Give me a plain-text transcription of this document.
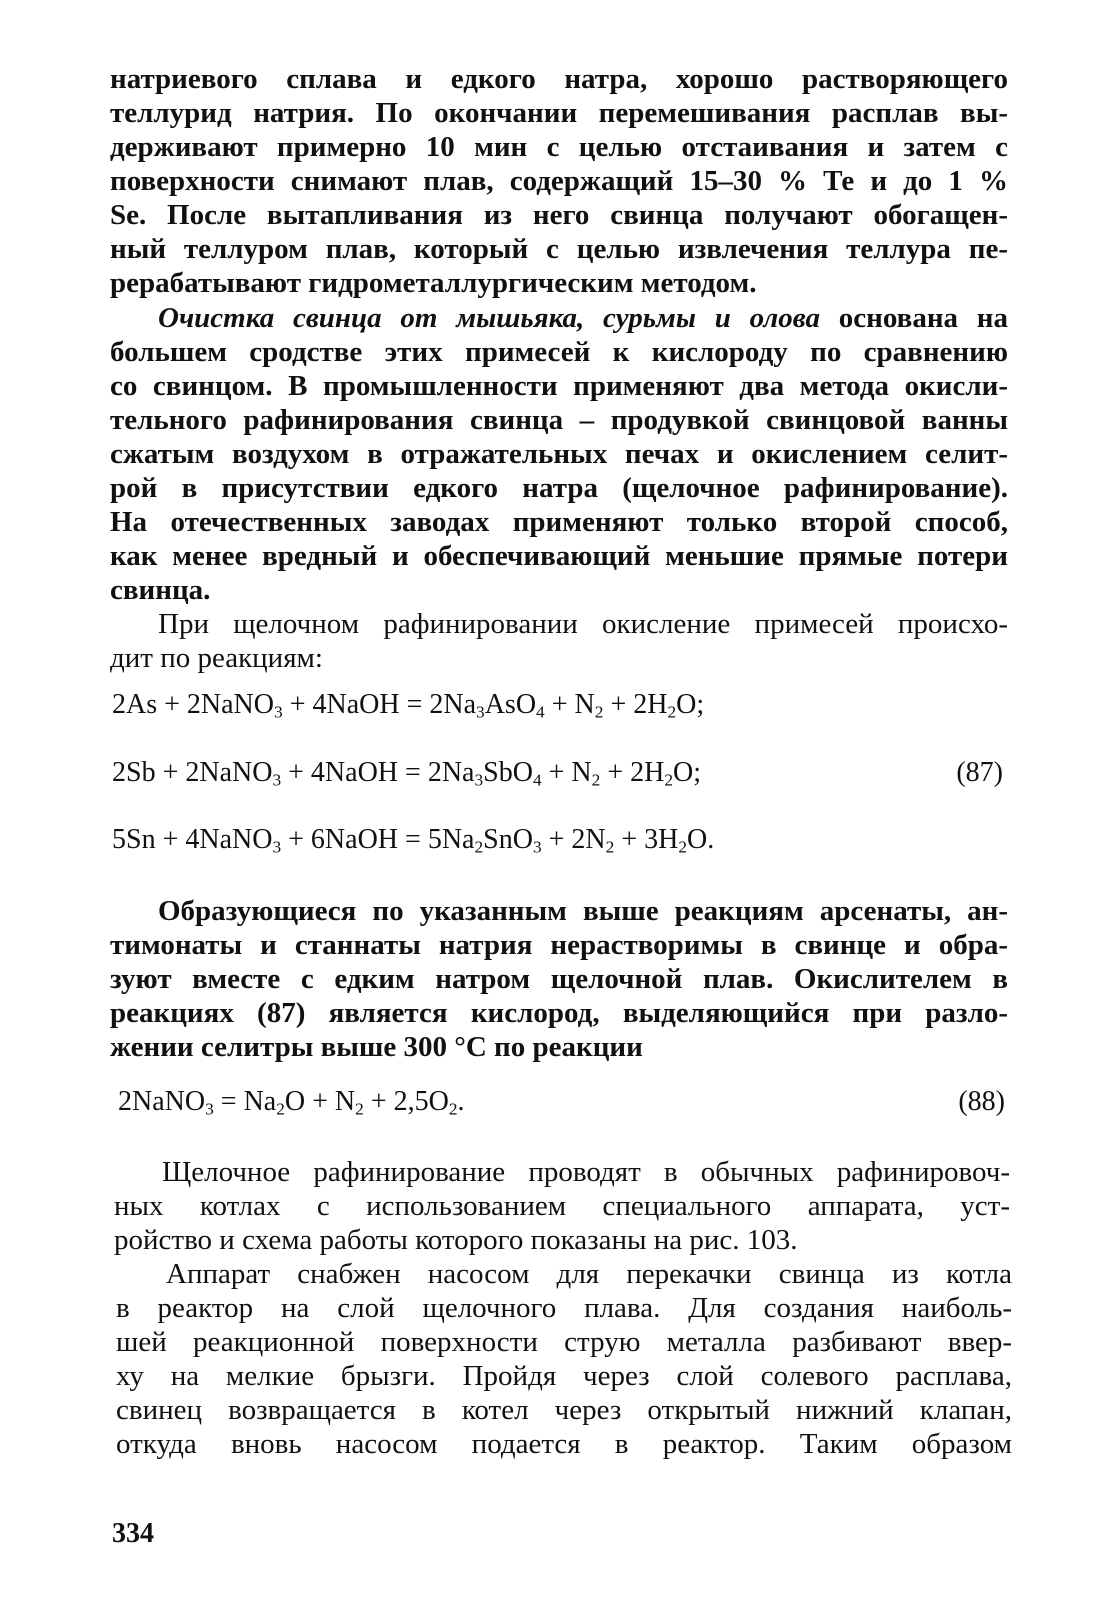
натриевого сплава и едкого натра, хорошо растворяющего
теллурид натрия. По окончании перемешивания расплав вы-
держивают примерно 10 мин с целью отстаивания и затем с
поверхности снимают плав, содержащий 15–30 % Те и до 1 %
Se. После вытапливания из него свинца получают обогащен-
ный теллуром плав, который с целью извлечения теллура пе-
рерабатывают гидрометаллургическим методом.
Очистка свинца от мышьяка, сурьмы и олова основана на
большем сродстве этих примесей к кислороду по сравнению
со свинцом. В промышленности применяют два метода окисли-
тельного рафинирования свинца – продувкой свинцовой ванны
сжатым воздухом в отражательных печах и окислением селит-
рой в присутствии едкого натра (щелочное рафинирование).
На отечественных заводах применяют только второй способ,
как менее вредный и обеспечивающий меньшие прямые потери
свинца.
При щелочном рафинировании окисление примесей происхо-
дит по реакциям:
2As + 2NaNO$_3$ + 4NaOH = $2Na_3AsO_4 + N_2 + 2H_2O$;
2Sb + 2NaNO$_3$ + 4NaOH = $2Na_3SbO_4 + N_2 + 2H_2O$;	(87)
5Sn + 4NaNO$_3$ + 6NaOH = $5Na_2SnO_3 + 2N_2 + 3H_2O$.
Образующиеся по указанным выше реакциям арсенаты, ан-
тимонаты и станнаты натрия нерастворимы в свинце и обра-
зуют вместе с едким натром щелочной плав. Окислителем в
реакциях (87) является кислород, выделяющийся при разло-
жении селитры выше 300 °С по реакции
2NaNO$_3$ = $Na_2O + N_2 + 2,5O_2$.	(88)
Щелочное рафинирование проводят в обычных рафинировоч-
ных котлах с использованием специального аппарата, уст-
ройство и схема работы которого показаны на рис. 103.
Аппарат снабжен насосом для перекачки свинца из котла
в реактор на слой щелочного плава. Для создания наиболь-
шей реакционной поверхности струю металла разбивают ввер-
ху на мелкие брызги. Пройдя через слой солевого расплава,
свинец возвращается в котел через открытый нижний клапан,
откуда вновь насосом подается в реактор. Таким образом
334
